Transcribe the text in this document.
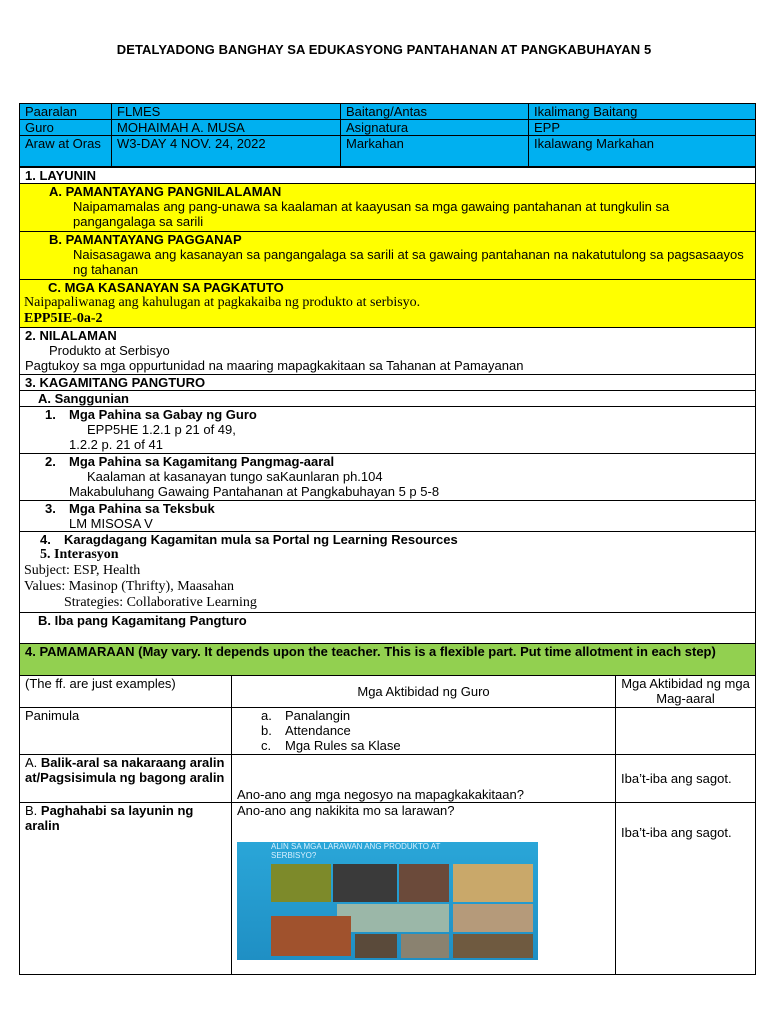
DETALYADONG BANGHAY SA EDUKASYONG PANTAHANAN AT PANGKABUHAYAN 5
Paaralan	FLMES	Baitang/Antas	Ikalimang Baitang
Guro	MOHAIMAH A. MUSA	Asignatura	EPP
Araw at Oras	W3-DAY 4 NOV. 24, 2022	Markahan	Ikalawang Markahan
1. LAYUNIN

A. PAMANTAYANG PANGNILALAMAN
Naipamamalas ang pang-unawa sa kaalaman at kaayusan sa mga gawaing pantahanan at tungkulin sa pangangalaga sa sarili

B. PAMANTAYANG PAGGANAP
Naisasagawa ang kasanayan sa pangangalaga sa sarili at sa gawaing pantahanan na nakatutulong sa pagsasaayos ng tahanan

C. MGA KASANAYAN SA PAGKATUTO
Naipapaliwanag ang kahulugan at pagkakaiba ng produkto at serbisyo.
EPP5IE-0a-2

2. NILALAMAN
Produkto at Serbisyo
Pagtukoy sa mga oppurtunidad na maaring mapagkakitaan sa Tahanan at Pamayanan

3. KAGAMITANG PANGTURO
A. Sanggunian

1. Mga Pahina sa Gabay ng Guro
EPP5HE 1.2.1 p 21 of 49,
1.2.2 p. 21 of 41

2. Mga Pahina sa Kagamitang Pangmag-aaral
Kaalaman at kasanayan tungo saKaunlaran ph.104
Makabuluhang Gawaing Pantahanan at Pangkabuhayan 5 p 5-8

3. Mga Pahina sa Teksbuk
LM MISOSA V

4. Karagdagang Kagamitan mula sa Portal ng Learning Resources
5. Interasyon
Subject: ESP, Health
Values: Masinop (Thrifty), Maasahan
Strategies: Collaborative Learning

B. Iba pang Kagamitang Pangturo
4. PAMAMARAAN (May vary. It depends upon the teacher. This is a flexible part. Put time allotment in each step)		
(The ff. are just examples)	Mga Aktibidad ng Guro	Mga Aktibidad ng mga Mag-aaral
Panimula	a. Panalangin
b. Attendance
c. Mga Rules sa Klase	

A. Balik-aral sa nakaraang aralin at/Pagsisimula ng bagong aralin	Ano-ano ang mga negosyo na mapagkakakitaan?	Iba’t-iba ang sagot.
B. Paghahabi sa layunin ng aralin	Ano-ano ang nakikita mo sa larawan?
ALIN SA MGA LARAWAN ANG PRODUKTO AT SERBISYO?	Iba’t-iba ang sagot.
